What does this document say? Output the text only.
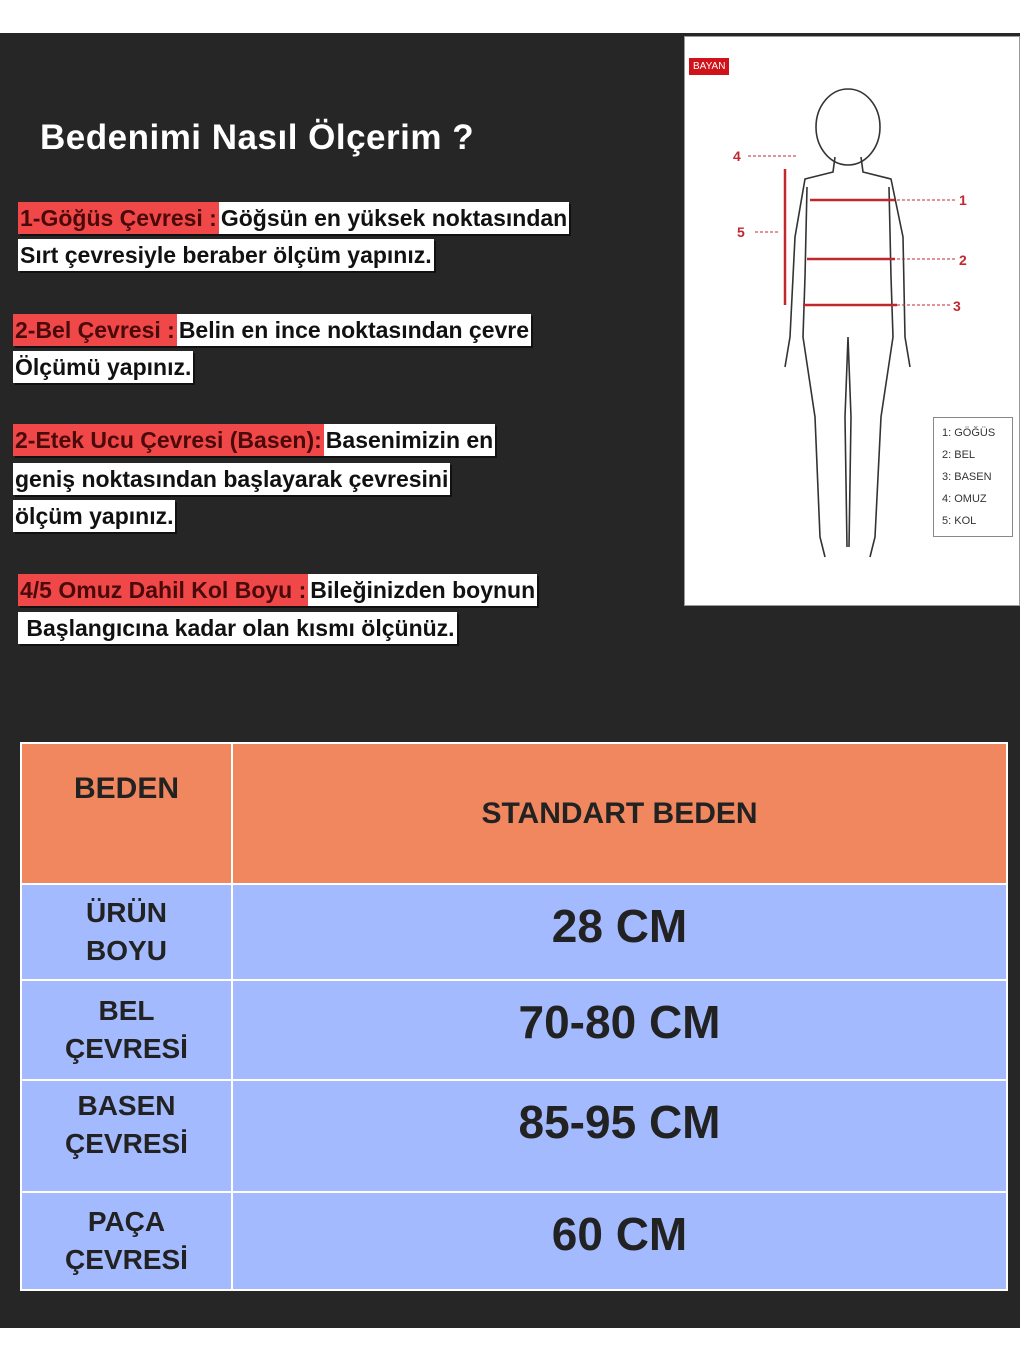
Bedenimi Nasıl Ölçerim ?
1-Göğüs Çevresi :Göğsün en yüksek noktasından
Sırt çevresiyle beraber ölçüm yapınız.
2-Bel Çevresi :Belin en ince noktasından çevre
Ölçümü yapınız.
2-Etek Ucu Çevresi (Basen):Basenimizin en
geniş noktasından başlayarak çevresini
ölçüm yapınız.
4/5 Omuz Dahil Kol Boyu :Bileğinizden boynun
Başlangıcına kadar olan kısmı ölçünüz.
BAYAN
1
2
3
4
5
1: GÖĞÜS
2: BEL
3: BASEN
4: OMUZ
5: KOL
BEDEN	STANDART BEDEN

ÜRÜN
BOYU	28 CM

BEL
ÇEVRESİ	70-80 CM

BASEN
ÇEVRESİ	85-95 CM

PAÇA
ÇEVRESİ	60 CM
